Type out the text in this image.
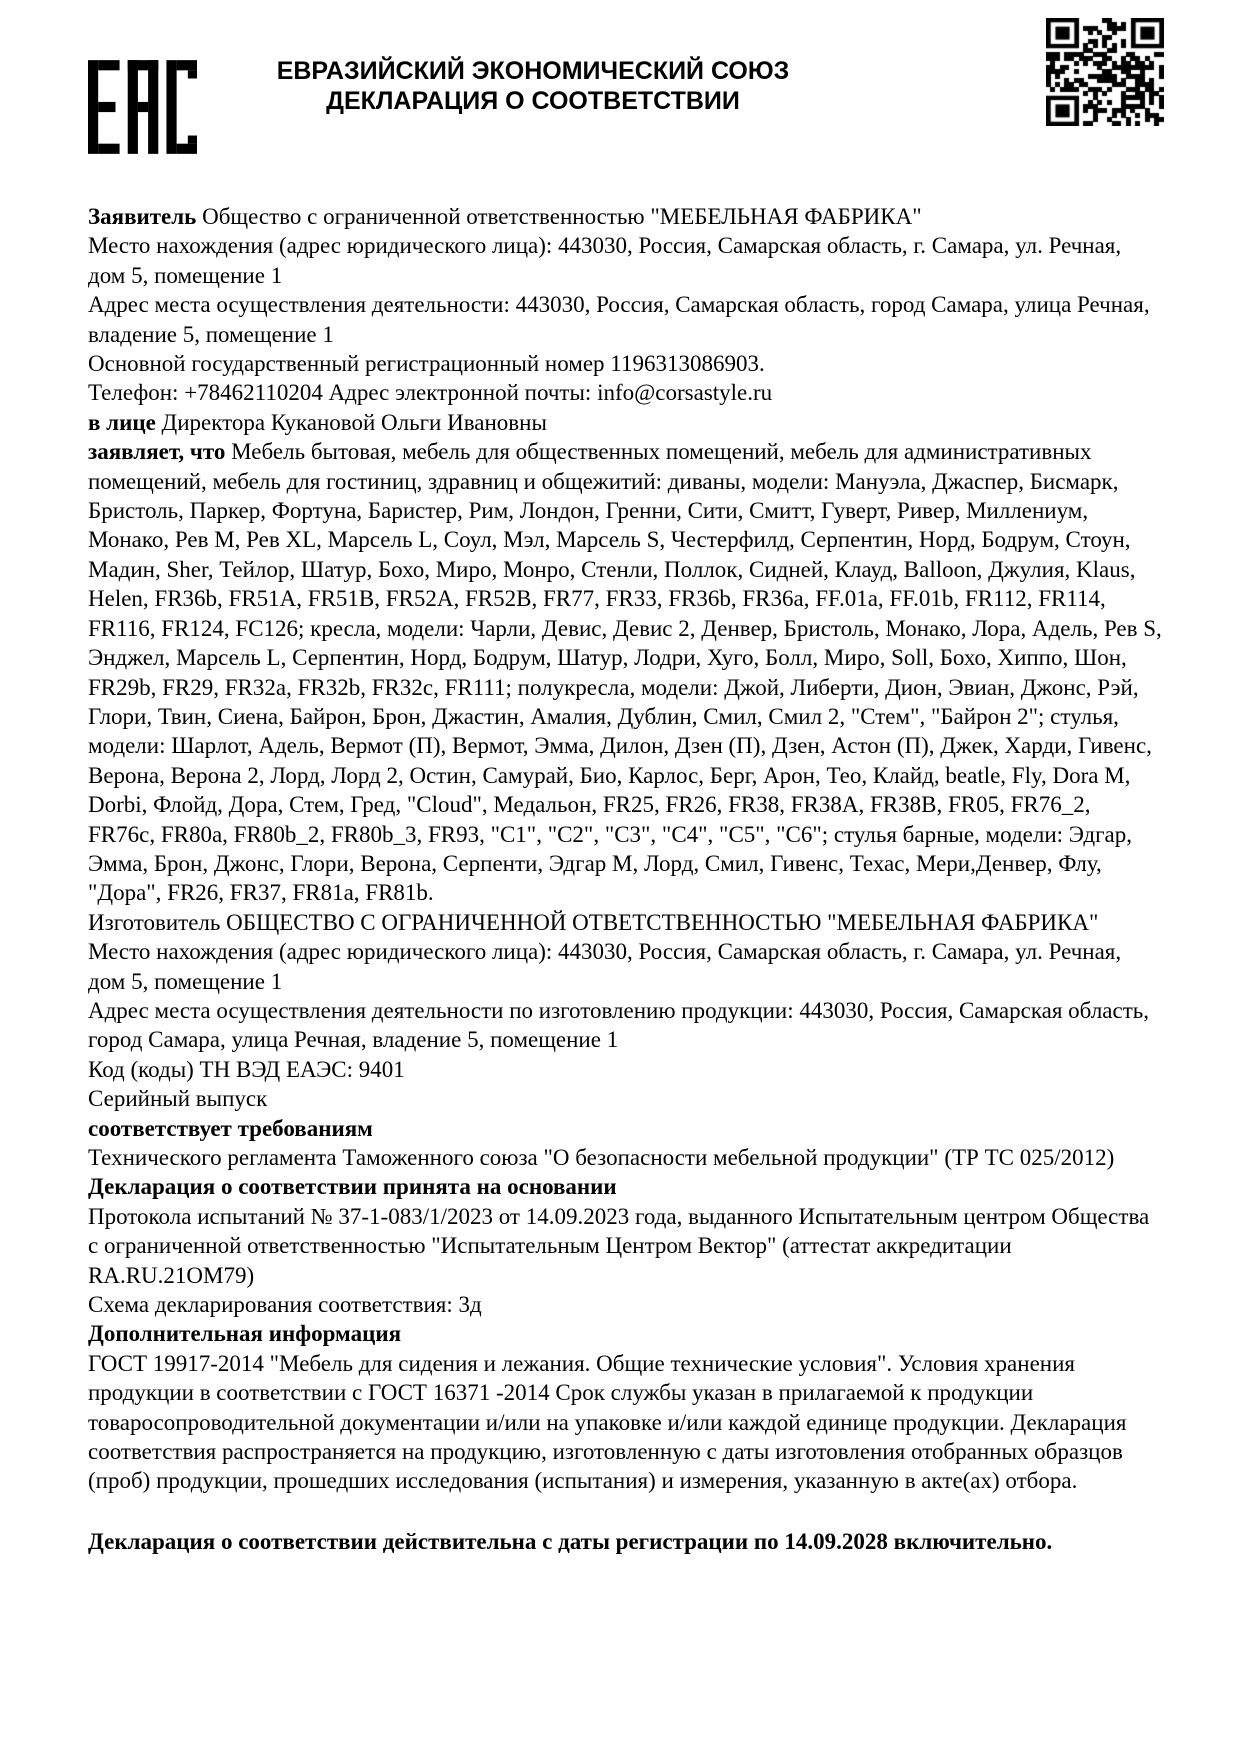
ЕВРАЗИЙСКИЙ ЭКОНОМИЧЕСКИЙ СОЮЗ
ДЕКЛАРАЦИЯ О СООТВЕТСТВИИ

Заявитель Общество с ограниченной ответственностью "МЕБЕЛЬНАЯ ФАБРИКА"

Место нахождения (адрес юридического лица): 443030, Россия, Самарская область, г. Самара, ул. Речная, дом 5, помещение 1

Адрес места осуществления деятельности: 443030, Россия, Самарская область, город Самара, улица Речная, владение 5, помещение 1

Основной государственный регистрационный номер 1196313086903.

Телефон: +78462110204 Адрес электронной почты: info@corsastyle.ru

в лице Директора Кукановой Ольги Ивановны

заявляет, что Мебель бытовая, мебель для общественных помещений, мебель для административных помещений, мебель для гостиниц, здравниц и общежитий: диваны, модели: Мануэла, Джаспер, Бисмарк, Бристоль, Паркер, Фортуна, Баристер, Рим, Лондон, Гренни, Сити, Смитт, Гуверт, Ривер, Миллениум, Монако, Рев М, Рев XL, Марсель L, Соул, Мэл, Марсель S, Честерфилд, Серпентин, Норд, Бодрум, Стоун, Мадин, Sher, Тейлор, Шатур, Бохо, Миро, Монро, Стенли, Поллок, Сидней, Клауд, Balloon, Джулия, Klaus, Helen, FR36b, FR51A, FR51B, FR52A, FR52B, FR77, FR33, FR36b, FR36a, FF.01a, FF.01b, FR112, FR114, FR116, FR124, FC126; кресла, модели: Чарли, Девис, Девис 2, Денвер, Бристоль, Монако, Лора, Адель, Рев S, Энджел, Марсель L, Серпентин, Норд, Бодрум, Шатур, Лодри, Хуго, Болл, Миро, Soll, Бохо, Хиппо, Шон, FR29b, FR29, FR32a, FR32b, FR32c, FR111; полукресла, модели: Джой, Либерти, Дион, Эвиан, Джонс, Рэй, Глори, Твин, Сиена, Байрон, Брон, Джастин, Амалия, Дублин, Смил, Смил 2, "Стем", "Байрон 2"; стулья, модели: Шарлот, Адель, Вермот (П), Вермот, Эмма, Дилон, Дзен (П), Дзен, Астон (П), Джек, Харди, Гивенс, Верона, Верона 2, Лорд, Лорд 2, Остин, Самурай, Био, Карлос, Берг, Арон, Тео, Клайд, beatle, Fly, Dora M, Dorbi, Флойд, Дора, Стем, Гред, "Cloud", Медальон, FR25, FR26, FR38, FR38A, FR38B, FR05, FR76_2, FR76c, FR80a, FR80b_2, FR80b_3, FR93, "С1", "С2", "С3", "С4", "С5", "С6"; стулья барные, модели: Эдгар, Эмма, Брон, Джонс, Глори, Верона, Серпенти, Эдгар М, Лорд, Смил, Гивенс, Техас, Мери,Денвер, Флу, "Дора", FR26, FR37, FR81a, FR81b.

Изготовитель ОБЩЕСТВО С ОГРАНИЧЕННОЙ ОТВЕТСТВЕННОСТЬЮ "МЕБЕЛЬНАЯ ФАБРИКА"

Место нахождения (адрес юридического лица): 443030, Россия, Самарская область, г. Самара, ул. Речная, дом 5, помещение 1

Адрес места осуществления деятельности по изготовлению продукции: 443030, Россия, Самарская область, город Самара, улица Речная, владение 5, помещение 1

Код (коды) ТН ВЭД ЕАЭС: 9401

Серийный выпуск

соответствует требованиям

Технического регламента Таможенного союза "О безопасности мебельной продукции" (ТР ТС 025/2012)

Декларация о соответствии принята на основании

Протокола испытаний № 37-1-083/1/2023 от 14.09.2023 года, выданного Испытательным центром Общества с ограниченной ответственностью "Испытательным Центром Вектор" (аттестат аккредитации RA.RU.21ОМ79)

Схема декларирования соответствия: 3д

Дополнительная информация

ГОСТ 19917-2014 "Мебель для сидения и лежания. Общие технические условия". Условия хранения продукции в соответствии с ГОСТ 16371 -2014 Срок службы указан в прилагаемой к продукции товаросопроводительной документации и/или на упаковке и/или каждой единице продукции. Декларация соответствия распространяется на продукцию, изготовленную с даты изготовления отобранных образцов (проб) продукции, прошедших исследования (испытания) и измерения, указанную в акте(ах) отбора.

Декларация о соответствии действительна с даты регистрации по 14.09.2028 включительно.
